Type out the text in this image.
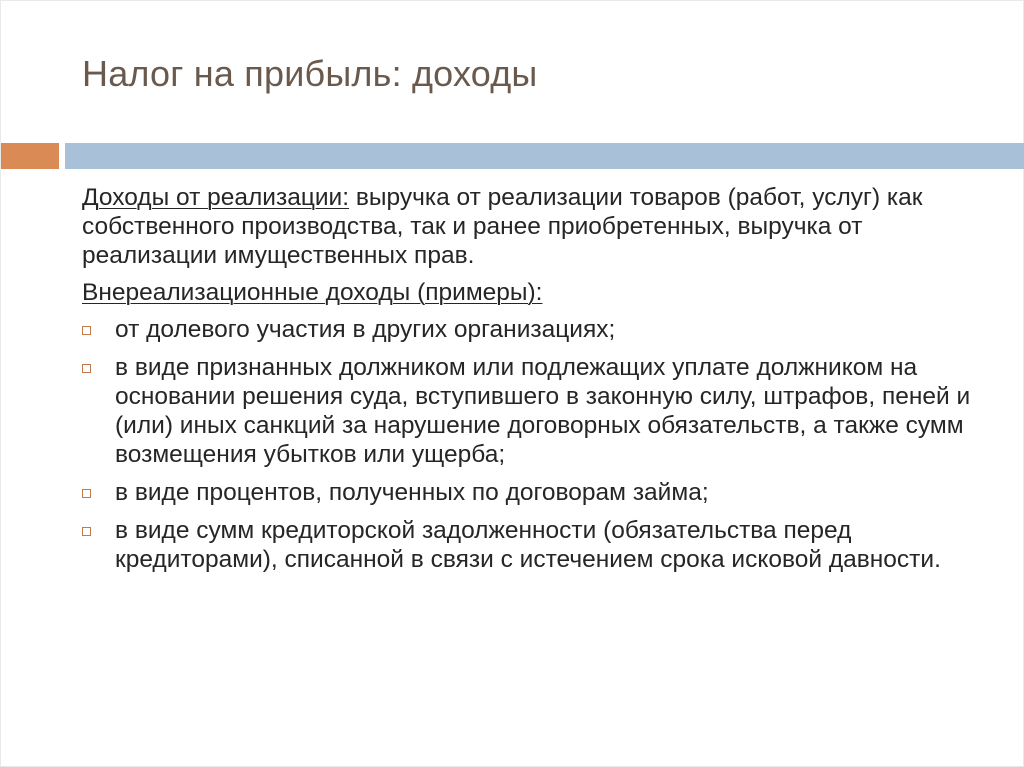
Налог на прибыль: доходы

Доходы от реализации: выручка от реализации товаров (работ, услуг) как собственного производства, так и ранее приобретенных, выручка от реализации имущественных прав.

Внереализационные доходы (примеры):

от долевого участия в других организациях;
в виде признанных должником или подлежащих уплате должником на основании решения суда, вступившего в законную силу, штрафов, пеней и (или) иных санкций за нарушение договорных обязательств, а также сумм возмещения убытков или ущерба;
в виде процентов, полученных по договорам займа;
в виде сумм кредиторской задолженности (обязательства перед кредиторами), списанной в связи с истечением срока исковой давности.
